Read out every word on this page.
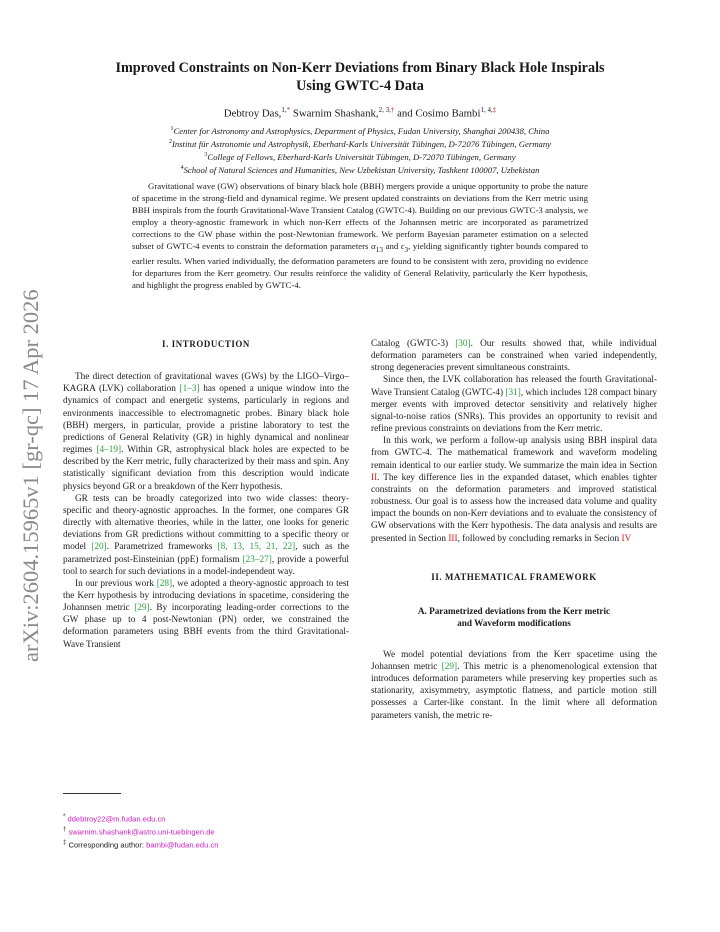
arXiv:2604.15965v1 [gr-qc] 17 Apr 2026
Improved Constraints on Non-Kerr Deviations from Binary Black Hole Inspirals
Using GWTC-4 Data
Debtroy Das,$^{1,*}$ Swarnim Shashank,$^{2, 3,\dagger}$ and Cosimo Bambi$^{1, 4,\ddagger}$
$^1$Center for Astronomy and Astrophysics, Department of Physics, Fudan University, Shanghai 200438, China
$^2$Institut für Astronomie und Astrophysik, Eberhard-Karls Universität Tübingen, D-72076 Tübingen, Germany
$^3$College of Fellows, Eberhard-Karls Universität Tübingen, D-72070 Tübingen, Germany
$^4$School of Natural Sciences and Humanities, New Uzbekistan University, Tashkent 100007, Uzbekistan
Gravitational wave (GW) observations of binary black hole (BBH) mergers provide a unique opportunity to probe the nature of spacetime in the strong-field and dynamical regime. We present updated constraints on deviations from the Kerr metric using BBH inspirals from the fourth Gravitational-Wave Transient Catalog (GWTC-4). Building on our previous GWTC-3 analysis, we employ a theory-agnostic framework in which non-Kerr effects of the Johannsen metric are incorporated as parametrized corrections to the GW phase within the post-Newtonian framework. We perform Bayesian parameter estimation on a selected subset of GWTC-4 events to constrain the deformation parameters $\alpha_{13}$ and $\epsilon_3$, yielding significantly tighter bounds compared to earlier results. When varied individually, the deformation parameters are found to be consistent with zero, providing no evidence for departures from the Kerr geometry. Our results reinforce the validity of General Relativity, particularly the Kerr hypothesis, and highlight the progress enabled by GWTC-4.
I. INTRODUCTION

The direct detection of gravitational waves (GWs) by the LIGO–Virgo–KAGRA (LVK) collaboration [1–3] has opened a unique window into the dynamics of compact and energetic systems, particularly in regions and environments inaccessible to electromagnetic probes. Binary black hole (BBH) mergers, in particular, provide a pristine laboratory to test the predictions of General Relativity (GR) in highly dynamical and nonlinear regimes [4–19]. Within GR, astrophysical black holes are expected to be described by the Kerr metric, fully characterized by their mass and spin. Any statistically significant deviation from this description would indicate physics beyond GR or a breakdown of the Kerr hypothesis.

GR tests can be broadly categorized into two wide classes: theory-specific and theory-agnostic approaches. In the former, one compares GR directly with alternative theories, while in the latter, one looks for generic deviations from GR predictions without committing to a specific theory or model [20]. Parametrized frameworks [8, 13, 15, 21, 22], such as the parametrized post-Einsteinian (ppE) formalism [23–27], provide a powerful tool to search for such deviations in a model-independent way.

In our previous work [28], we adopted a theory-agnostic approach to test the Kerr hypothesis by introducing deviations in spacetime, considering the Johannsen metric [29]. By incorporating leading-order corrections to the GW phase up to 4 post-Newtonian (PN) order, we constrained the deformation parameters using BBH events from the third Gravitational-Wave Transient

Catalog (GWTC-3) [30]. Our results showed that, while individual deformation parameters can be constrained when varied independently, strong degeneracies prevent simultaneous constraints.

Since then, the LVK collaboration has released the fourth Gravitational-Wave Transient Catalog (GWTC-4) [31], which includes 128 compact binary merger events with improved detector sensitivity and relatively higher signal-to-noise ratios (SNRs). This provides an opportunity to revisit and refine previous constraints on deviations from the Kerr metric.

In this work, we perform a follow-up analysis using BBH inspiral data from GWTC-4. The mathematical framework and waveform modeling remain identical to our earlier study. We summarize the main idea in Section II. The key difference lies in the expanded dataset, which enables tighter constraints on the deformation parameters and improved statistical robustness. Our goal is to assess how the increased data volume and quality impact the bounds on non-Kerr deviations and to evaluate the consistency of GW observations with the Kerr hypothesis. The data analysis and results are presented in Section III, followed by concluding remarks in Secion IV

II. MATHEMATICAL FRAMEWORK
A. Parametrized deviations from the Kerr metric
and Waveform modifications

We model potential deviations from the Kerr spacetime using the Johannsen metric [29]. This metric is a phenomenological extension that introduces deformation parameters while preserving key properties such as stationarity, axisymmetry, asymptotic flatness, and particle motion still possesses a Carter-like constant. In the limit where all deformation parameters vanish, the metric re-

* ddebtroy22@m.fudan.edu.cn
† swarnim.shashank@astro.uni-tuebingen.de
‡ Corresponding author: bambi@fudan.edu.cn
